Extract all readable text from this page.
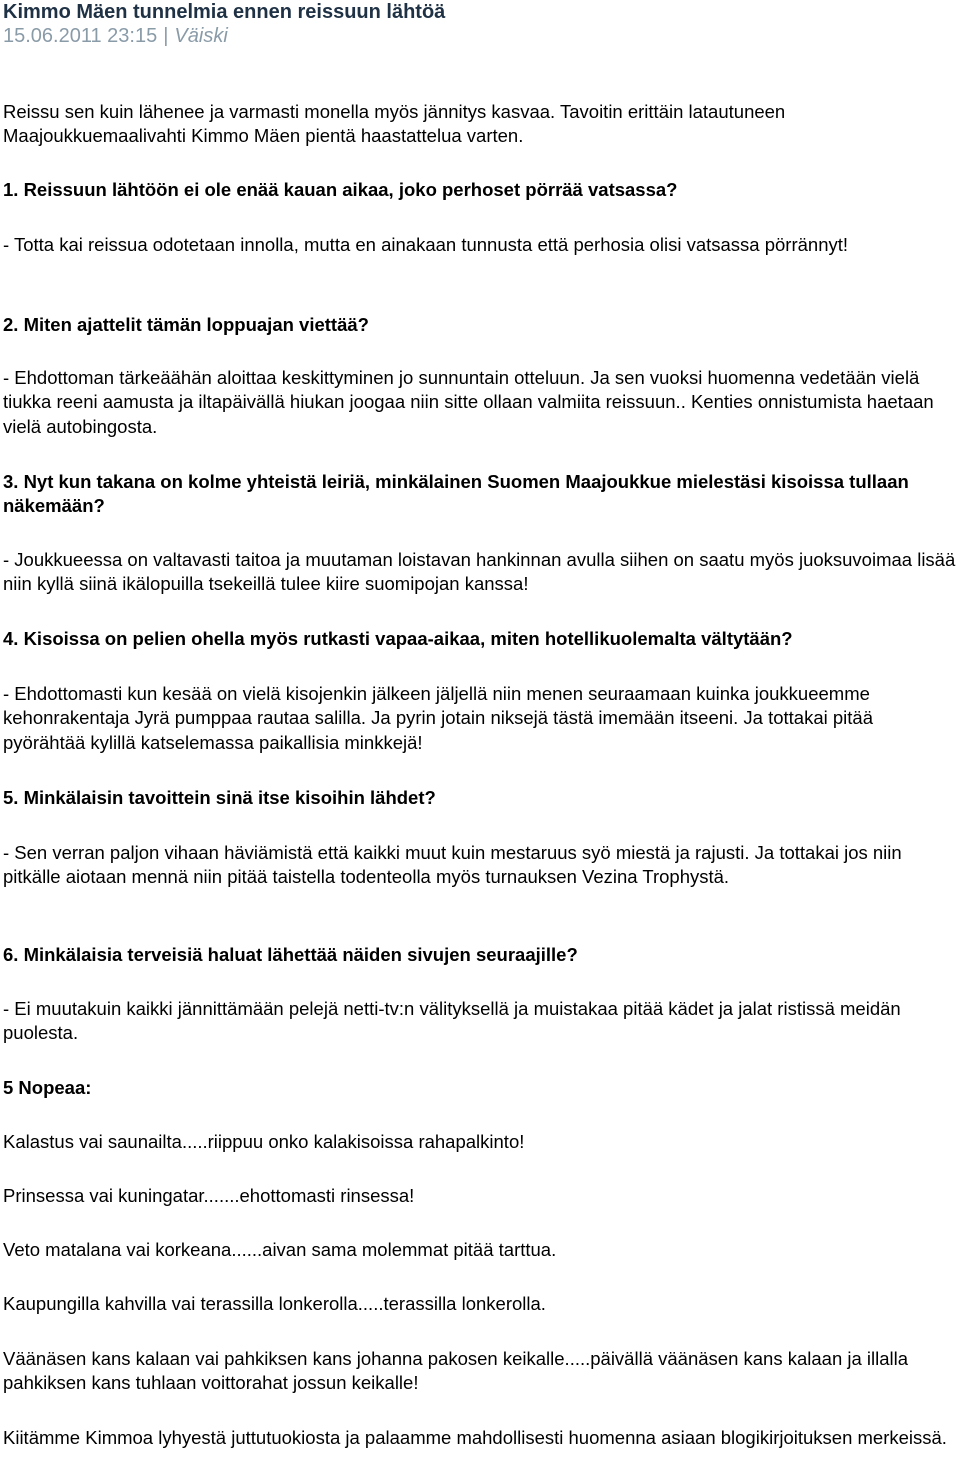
Kimmo Mäen tunnelmia ennen reissuun lähtöä
15.06.2011 23:15 | Väiski

Reissu sen kuin lähenee ja varmasti monella myös jännitys kasvaa. Tavoitin erittäin latautuneen Maajoukkuemaalivahti Kimmo Mäen pientä haastattelua varten.

1. Reissuun lähtöön ei ole enää kauan aikaa, joko perhoset pörrää vatsassa?

- Totta kai reissua odotetaan innolla, mutta en ainakaan tunnusta että perhosia olisi vatsassa pörrännyt!

2. Miten ajattelit tämän loppuajan viettää?

- Ehdottoman tärkeäähän aloittaa keskittyminen jo sunnuntain otteluun. Ja sen vuoksi huomenna vedetään vielä tiukka reeni aamusta ja iltapäivällä hiukan joogaa niin sitte ollaan valmiita reissuun.. Kenties onnistumista haetaan vielä autobingosta.

3. Nyt kun takana on kolme yhteistä leiriä, minkälainen Suomen Maajoukkue mielestäsi kisoissa tullaan näkemään?

- Joukkueessa on valtavasti taitoa ja muutaman loistavan hankinnan avulla siihen on saatu myös juoksuvoimaa lisää niin kyllä siinä ikälopuilla tsekeillä tulee kiire suomipojan kanssa!

4. Kisoissa on pelien ohella myös rutkasti vapaa-aikaa, miten hotellikuolemalta vältytään?

- Ehdottomasti kun kesää on vielä kisojenkin jälkeen jäljellä niin menen seuraamaan kuinka joukkueemme kehonrakentaja Jyrä pumppaa rautaa salilla. Ja pyrin jotain niksejä tästä imemään itseeni. Ja tottakai pitää pyörähtää kylillä katselemassa paikallisia minkkejä!

5. Minkälaisin tavoittein sinä itse kisoihin lähdet?

- Sen verran paljon vihaan häviämistä että kaikki muut kuin mestaruus syö miestä ja rajusti. Ja tottakai jos niin pitkälle aiotaan mennä niin pitää taistella todenteolla myös turnauksen Vezina Trophystä.

6. Minkälaisia terveisiä haluat lähettää näiden sivujen seuraajille?

- Ei muutakuin kaikki jännittämään pelejä netti-tv:n välityksellä ja muistakaa pitää kädet ja jalat ristissä meidän puolesta.

5 Nopeaa:

Kalastus vai saunailta.....riippuu onko kalakisoissa rahapalkinto!

Prinsessa vai kuningatar.......ehottomasti rinsessa!

Veto matalana vai korkeana......aivan sama molemmat pitää tarttua.

Kaupungilla kahvilla vai terassilla lonkerolla.....terassilla lonkerolla.

Väänäsen kans kalaan vai pahkiksen kans johanna pakosen keikalle.....päivällä väänäsen kans kalaan ja illalla pahkiksen kans tuhlaan voittorahat jossun keikalle!

Kiitämme Kimmoa lyhyestä juttutuokiosta ja palaamme mahdollisesti huomenna asiaan blogikirjoituksen merkeissä.
